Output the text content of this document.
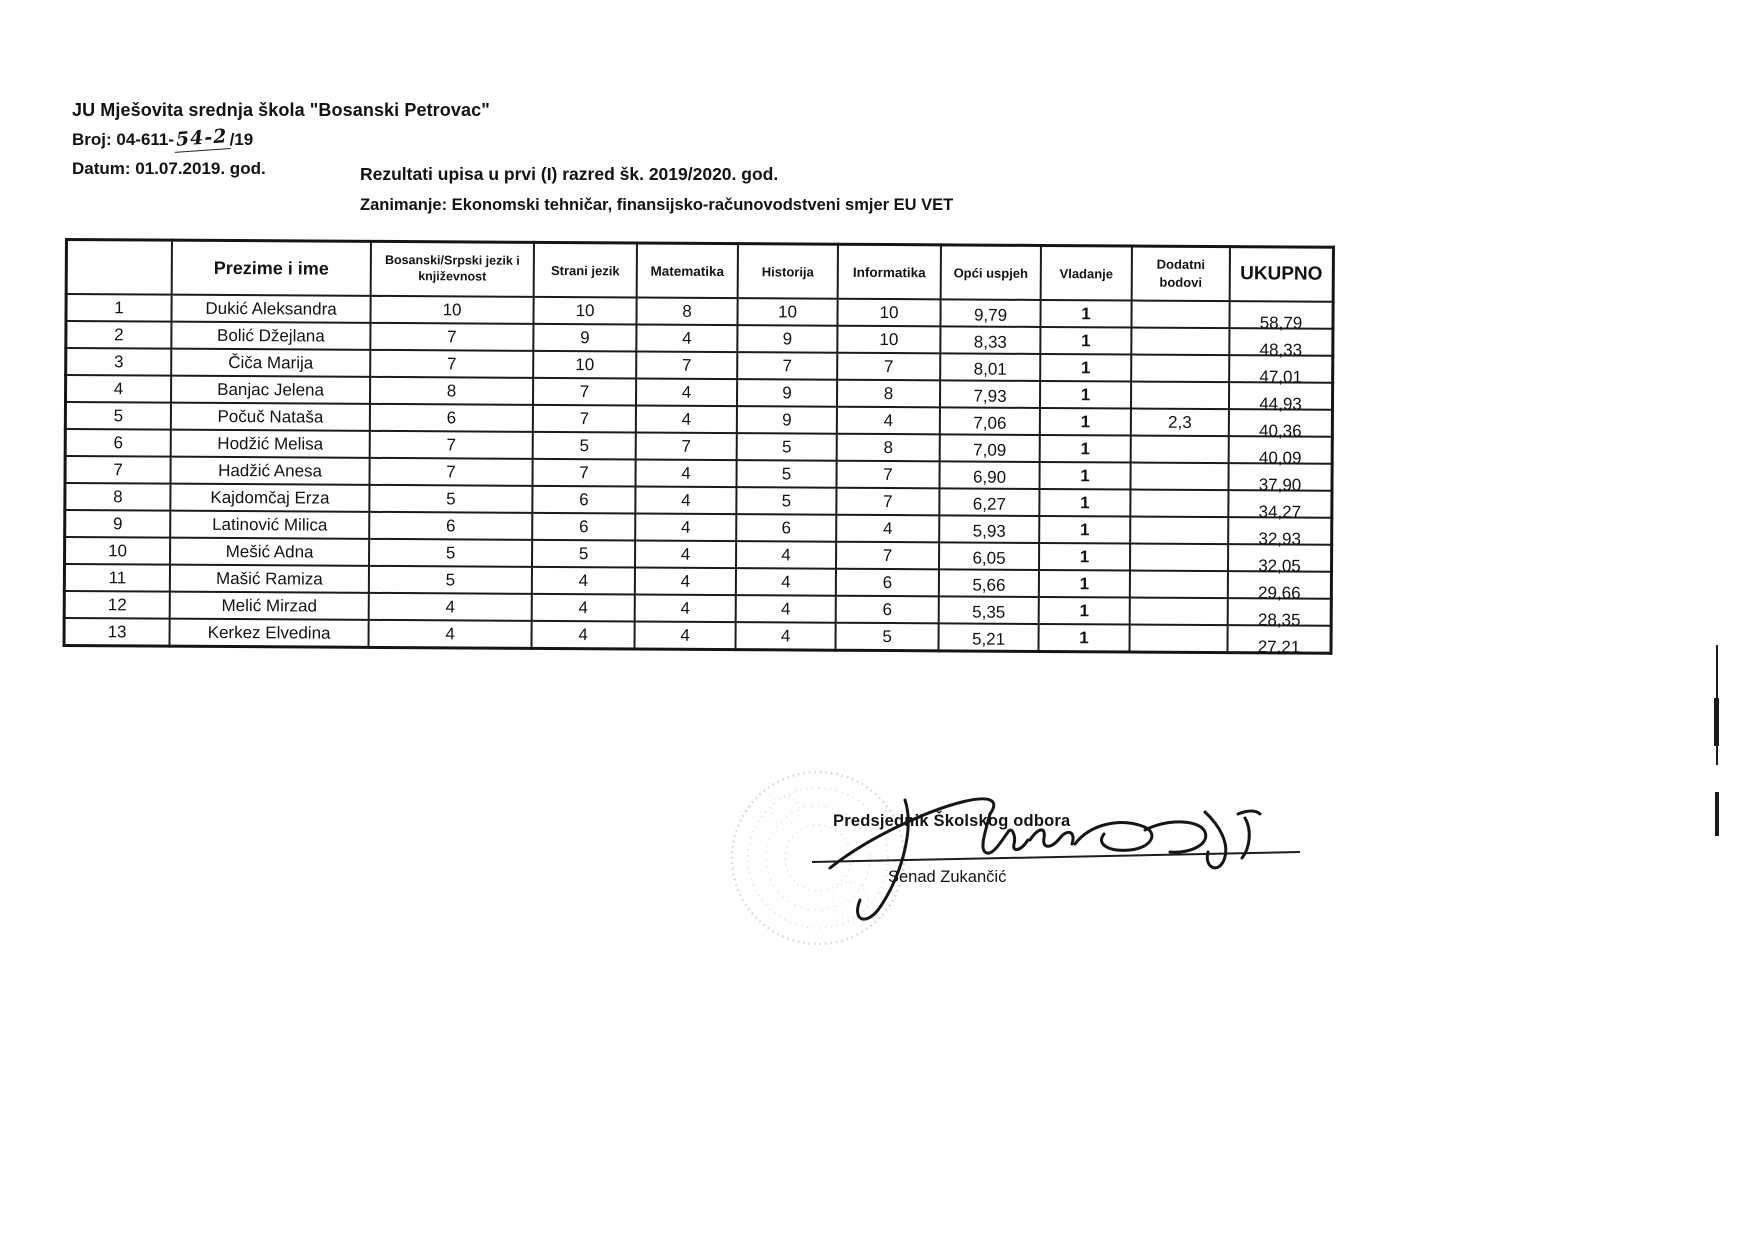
JU Mješovita srednja škola "Bosanski Petrovac"
Broj: 04-611-54-2/19
Datum: 01.07.2019. god.	Rezultati upisa u prvi (I) razred šk. 2019/2020. god.
Zanimanje: Ekonomski tehničar, finansijsko-računovodstveni smjer EU VET
	Prezime i ime	Bosanski/Srpski jezik i književnost	Strani jezik	Matematika	Historija	Informatika	Opći uspjeh	Vladanje	Dodatni bodovi	UKUPNO
1	Dukić Aleksandra	10	10	8	10	10	9,79	1		58,79
2	Bolić Džejlana	7	9	4	9	10	8,33	1		48,33
3	Čiča Marija	7	10	7	7	7	8,01	1		47,01
4	Banjac Jelena	8	7	4	9	8	7,93	1		44,93
5	Počuč Nataša	6	7	4	9	4	7,06	1	2,3	40,36
6	Hodžić Melisa	7	5	7	5	8	7,09	1		40,09
7	Hadžić Anesa	7	7	4	5	7	6,90	1		37,90
8	Kajdomčaj Erza	5	6	4	5	7	6,27	1		34,27
9	Latinović Milica	6	6	4	6	4	5,93	1		32,93
10	Mešić Adna	5	5	4	4	7	6,05	1		32,05
11	Mašić Ramiza	5	4	4	4	6	5,66	1		29,66
12	Melić Mirzad	4	4	4	4	6	5,35	1		28,35
13	Kerkez Elvedina	4	4	4	4	5	5,21	1		27,21
Predsjednik Školskog odbora
Senad Zukančić
